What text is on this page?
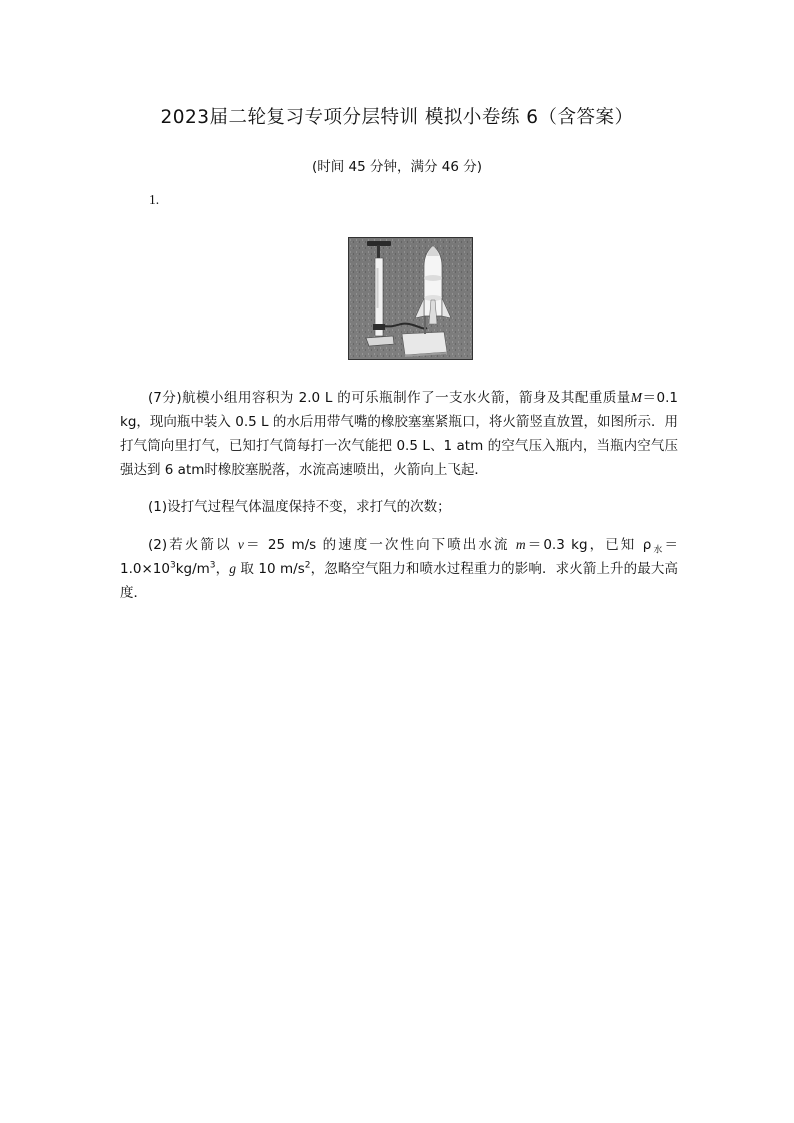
2023届二轮复习专项分层特训 模拟小卷练 6（含答案）
(时间 45 分钟，满分 46 分)
1.
(7分)航模小组用容积为 2.0 L 的可乐瓶制作了一支水火箭，箭身及其配重质量M＝0.1 kg，现向瓶中装入 0.5 L 的水后用带气嘴的橡胶塞塞紧瓶口，将火箭竖直放置，如图所示．用打气筒向里打气，已知打气筒每打一次气能把 0.5 L、1 atm 的空气压入瓶内，当瓶内空气压强达到 6 atm时橡胶塞脱落，水流高速喷出，火箭向上飞起．
(1)设打气过程气体温度保持不变，求打气的次数；
(2)若火箭以 v＝ 25 m/s 的速度一次性向下喷出水流 m＝0.3 kg，已知 $\rho_水=1.0\times 10^3kg/m^3$，g 取 10 $m/s^2$，忽略空气阻力和喷水过程重力的影响．求火箭上升的最大高度．
